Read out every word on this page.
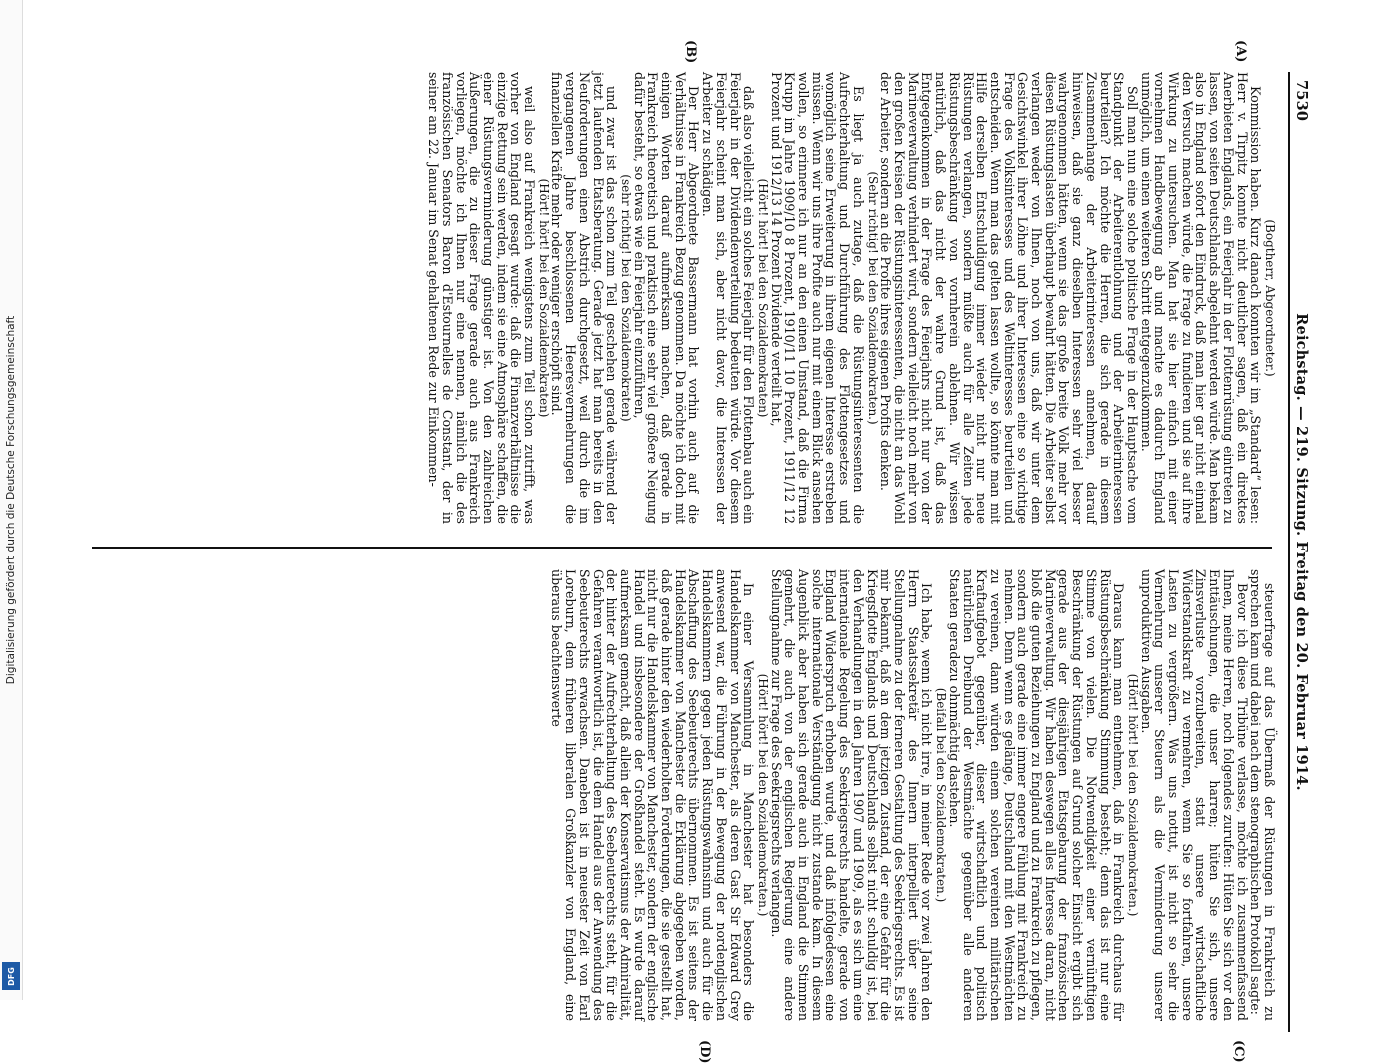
Digitalisierung gefördert durch die Deutsche Forschungsgemeinschaft
DFG
7530
Reichstag. — 219. Sitzung. Freitag den 20. Februar 1914.
(A)
(B)
(C)
(D)

(Bogtherr, Abgeordneter.)

Kommission haben. Kurz danach konnten wir im „Standard“ lesen: Herr v. Tirpitz konnte nicht deutlicher sagen, daß ein direktes Anerbieten Englands, ein Feierjahr in der Flottenrüstung eintreten zu lassen, von seiten Deutschlands abgelehnt werden würde. Man bekam also in England sofort den Eindruck, daß man hier gar nicht einmal den Versuch machen würde, die Frage zu fundieren und sie auf ihre Wirkung zu untersuchen. Man hat sie hier einfach mit einer vornehmen Handbewegung ab und machte es dadurch England unmöglich, um einen weiteren Schritt entgegenzukommen.

Soll man nun eine solche politische Frage in der Hauptsache vom Standpunkt der Arbeiterentlohnung und der Arbeiterinteressen beurteilen? Ich möchte die Herren, die sich gerade in diesem Zusammenhange der Arbeiterinteressen annehmen, darauf hinweisen, daß sie ganz dieselben Interessen sehr viel besser wahrgenommen hätten, wenn sie das große breite Volk mehr vor diesen Rüstungslasten überhaupt bewahrt hätten. Die Arbeiter selbst verlangen weder von Ihnen, noch von uns, daß wir unter dem Gesichtswinkel ihrer Löhne und ihrer Interessen eine so wichtige Frage des Volksinteresses und des Weltinteresses beurteilen und entscheiden. Wenn man das gelten lassen wollte, so könnte man mit Hilfe derselben Entschuldigung immer wieder nicht nur neue Rüstungen verlangen, sondern müßte auch für alle Zeiten jede Rüstungsbeschränkung von vornherein ablehnen. Wir wissen natürlich, daß das nicht der wahre Grund ist, daß das Entgegenkommen in der Frage des Feierjahrs nicht nur von der Marineverwaltung verhindert wird, sondern vielleicht noch mehr von den großen Kreisen der Rüstungsinteressenten, die nicht an das Wohl der Arbeiter, sondern an die Profite ihres eigenen Profits denken.

(Sehr richtig! bei den Sozialdemokraten.)

Es liegt ja auch zutage, daß die Rüstungsinteressenten die Aufrechterhaltung und Durchführung des Flottengesetzes und womöglich seine Erweiterung in ihrem eigenen Interesse erstreben müssen. Wenn wir uns ihre Profite auch nur mit einem Blick ansehen wollen, so erinnere ich nur an den einen Umstand, daß die Firma Krupp im Jahre 1909/10 8 Prozent, 1910/11 10 Prozent, 1911/12 12 Prozent und 1912/13 14 Prozent Dividende verteilt hat,

(Hört! hört! bei den Sozialdemokraten)

daß also vielleicht ein solches Feierjahr für den Flottenbau auch ein Feierjahr in der Dividendenverteilung bedeuten würde. Vor diesem Feierjahr scheint man sich, aber nicht davor, die Interessen der Arbeiter zu schädigen.

Der Herr Abgeordnete Bassermann hat vorhin auch auf die Verhältnisse in Frankreich Bezug genommen. Da möchte ich doch mit einigen Worten darauf aufmerksam machen, daß gerade in Frankreich theoretisch und praktisch eine sehr viel größere Neigung dafür besteht, so etwas wie ein Feierjahr einzuführen,

(sehr richtig! bei den Sozialdemokraten)

und zwar ist das schon zum Teil geschehen gerade während der jetzt laufenden Etatsberatung. Gerade jetzt hat man bereits in den Neuforderungen einen Abstrich durchgesetzt, weil durch die im vergangenen Jahre beschlossenen Heeresvermehrungen die finanziellen Kräfte mehr oder weniger erschöpft sind.

(Hört! hört! bei den Sozialdemokraten)

weil also auf Frankreich wenigstens zum Teil schon zutrifft, was vorher von England gesagt wurde: daß die Finanzverhältnisse die einzige Rettung sein werden, indem sie eine Atmosphäre schaffen, die einer Rüstungsverminderung günstiger ist. Von den zahlreichen Äußerungen, die zu dieser Frage gerade auch aus Frankreich vorliegen, möchte ich Ihnen nur eine nennen, nämlich die des französischen Senators Baron d'Estournelles de Constant, der in seiner am 22. Januar im Senat gehaltenen Rede zur Einkommen-

steuerfrage auf das Übermaß der Rüstungen in Frankreich zu sprechen kam und dabei nach dem stenographischen Protokoll sagte:

Bevor ich diese Tribüne verlasse, möchte ich zusammenfassend Ihnen, meine Herren, noch folgendes zurufen: Hüten Sie sich vor den Enttäuschungen, die unser harren; hüten Sie sich, unsere Zinsverluste vorzubereiten, statt unsere wirtschaftliche Widerstandskraft zu vermehren, wenn Sie so fortfahren, unsere Lasten zu vergrößern. Was uns nottut, ist nicht so sehr die Vermehrung unserer Steuern als die Verminderung unserer unproduktiven Ausgaben.

(Hört! hört! bei den Sozialdemokraten.)

Daraus kann man entnehmen, daß in Frankreich durchaus für Rüstungsbeschränkung Stimmung besteht; denn das ist nur eine Stimme von vielen. Die Notwendigkeit einer vernünftigen Beschränkung der Rüstungen auf Grund solcher Einsicht ergibt sich gerade aus der diesjährigen Etatsgebarung der französischen Marineverwaltung. Wir haben deswegen alles Interesse daran, nicht bloß die guten Beziehungen zu England und zu Frankreich zu pflegen, sondern auch gerade eine immer engere Fühlung mit Frankreich zu nehmen. Denn wenn es gelänge, Deutschland mit den Westmächten zu vereinen, dann würden einem solchen vereinten militärischen Kraftaufgebot gegenüber, dieser wirtschaftlich und politisch natürlichen Dreibund der Westmächte gegenüber alle anderen Staaten geradezu ohnmächtig dastehen.

(Beifall bei den Sozialdemokraten.)

Ich habe, wenn ich nicht irre, in meiner Rede vor zwei Jahren den Herrn Staatssekretär des Innern interpelliert über seine Stellungnahme zu der ferneren Gestaltung des Seekriegsrechts. Es ist mir bekannt, daß an dem jetzigen Zustand, der eine Gefahr für die Kriegsflotte Englands und Deutschlands selbst nicht schuldig ist, bei den Verhandlungen in den Jahren 1907 und 1909, als es sich um eine internationale Regelung des Seekriegsrechts handelte, gerade von England Widerspruch erhoben wurde, und daß infolgedessen eine solche internationale Verständigung nicht zustande kam. In diesem Augenblick aber haben sich gerade auch in England die Stimmen gemehrt, die auch von der englischen Regierung eine andere Stellungnahme zur Frage des Seekriegsrechts verlangen.

(Hört! hört! bei den Sozialdemokraten.)

In einer Versammlung in Manchester hat besonders die Handelskammer von Manchester, als deren Gast Sir Edward Grey anwesend war, die Führung in der Bewegung der nordenglischen Handelskammern gegen jeden Rüstungswahnsinn und auch für die Abschaffung des Seebeuterechts übernommen. Es ist seitens der Handelskammer von Manchester die Erklärung abgegeben worden, daß gerade hinter den wiederholten Forderungen, die sie gestellt hat, nicht nur die Handelskammer von Manchester, sondern der englische Handel und insbesondere der Großhandel steht. Es wurde darauf aufmerksam gemacht, daß allein der Konservatismus der Admiralität, der hinter der Aufrechterhaltung des Seebeuterechts steht, für die Gefahren verantwortlich ist, die dem Handel aus der Anwendung des Seebeuterechts erwachsen. Daneben ist in neuester Zeit von Earl Loreburn, dem früheren liberalen Großkanzler von England, eine überaus beachtenswerte
